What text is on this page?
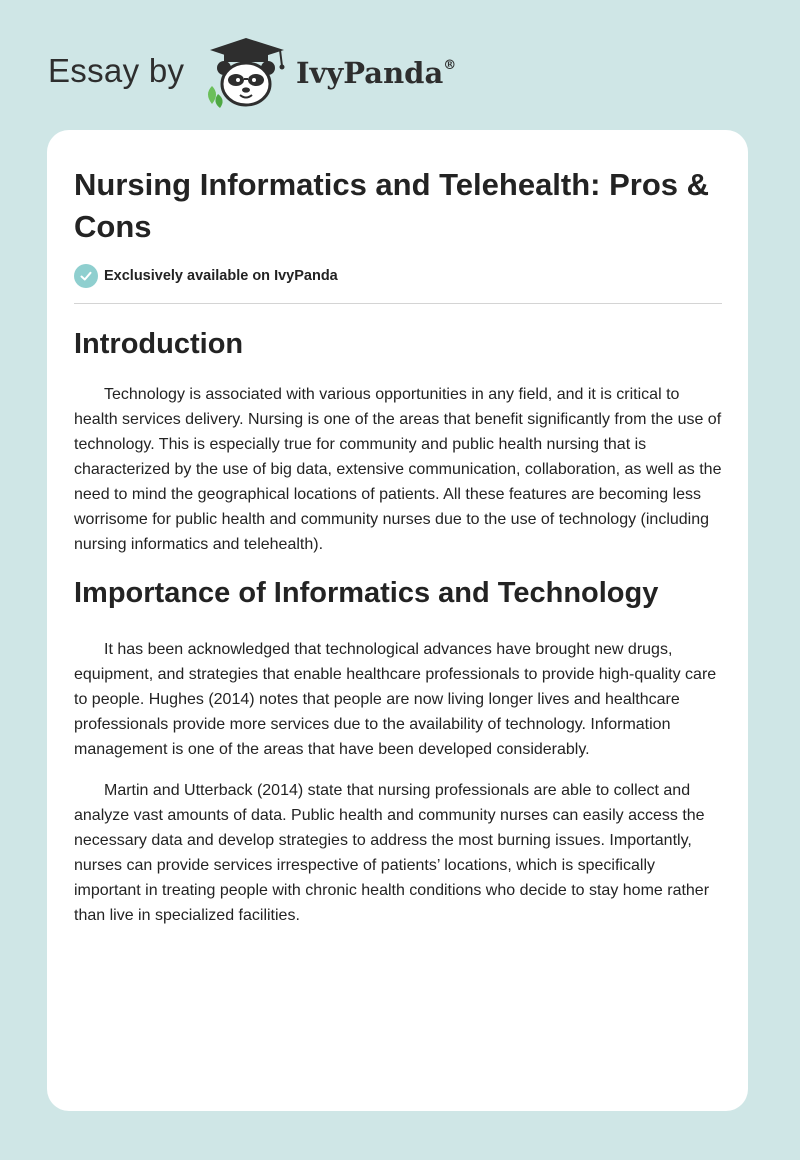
Essay by	IvyPanda®
Nursing Informatics and Telehealth: Pros & Cons
Exclusively available on IvyPanda
Introduction

Technology is associated with various opportunities in any field, and it is critical to health services delivery. Nursing is one of the areas that benefit significantly from the use of technology. This is especially true for community and public health nursing that is characterized by the use of big data, extensive communication, collaboration, as well as the need to mind the geographical locations of patients. All these features are becoming less worrisome for public health and community nurses due to the use of technology (including nursing informatics and telehealth).

Importance of Informatics and Technology

It has been acknowledged that technological advances have brought new drugs, equipment, and strategies that enable healthcare professionals to provide high-quality care to people. Hughes (2014) notes that people are now living longer lives and healthcare professionals provide more services due to the availability of technology. Information management is one of the areas that have been developed considerably.

Martin and Utterback (2014) state that nursing professionals are able to collect and analyze vast amounts of data. Public health and community nurses can easily access the necessary data and develop strategies to address the most burning issues. Importantly, nurses can provide services irrespective of patients’ locations, which is specifically important in treating people with chronic health conditions who decide to stay home rather than live in specialized facilities.
